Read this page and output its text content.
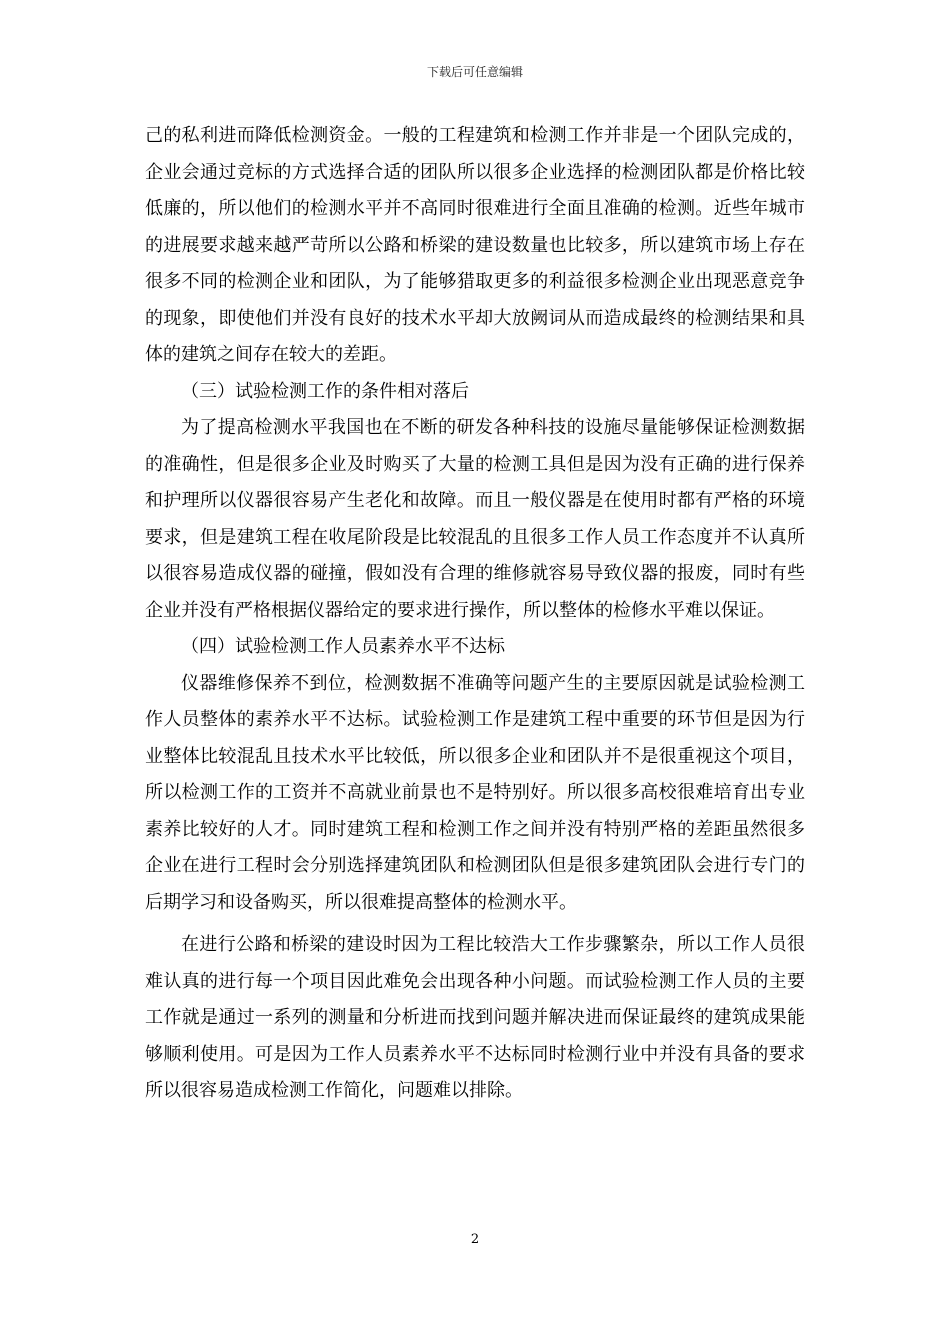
下载后可任意编辑

己的私利进而降低检测资金。一般的工程建筑和检测工作并非是一个团队完成的，企业会通过竞标的方式选择合适的团队所以很多企业选择的检测团队都是价格比较低廉的，所以他们的检测水平并不高同时很难进行全面且准确的检测。近些年城市的进展要求越来越严苛所以公路和桥梁的建设数量也比较多，所以建筑市场上存在很多不同的检测企业和团队，为了能够猎取更多的利益很多检测企业出现恶意竞争的现象，即使他们并没有良好的技术水平却大放阙词从而造成最终的检测结果和具体的建筑之间存在较大的差距。

（三）试验检测工作的条件相对落后

为了提高检测水平我国也在不断的研发各种科技的设施尽量能够保证检测数据的准确性，但是很多企业及时购买了大量的检测工具但是因为没有正确的进行保养和护理所以仪器很容易产生老化和故障。而且一般仪器是在使用时都有严格的环境要求，但是建筑工程在收尾阶段是比较混乱的且很多工作人员工作态度并不认真所以很容易造成仪器的碰撞，假如没有合理的维修就容易导致仪器的报废，同时有些企业并没有严格根据仪器给定的要求进行操作，所以整体的检修水平难以保证。

（四）试验检测工作人员素养水平不达标

仪器维修保养不到位，检测数据不准确等问题产生的主要原因就是试验检测工作人员整体的素养水平不达标。试验检测工作是建筑工程中重要的环节但是因为行业整体比较混乱且技术水平比较低，所以很多企业和团队并不是很重视这个项目，所以检测工作的工资并不高就业前景也不是特别好。所以很多高校很难培育出专业素养比较好的人才。同时建筑工程和检测工作之间并没有特别严格的差距虽然很多企业在进行工程时会分别选择建筑团队和检测团队但是很多建筑团队会进行专门的后期学习和设备购买，所以很难提高整体的检测水平。

在进行公路和桥梁的建设时因为工程比较浩大工作步骤繁杂，所以工作人员很难认真的进行每一个项目因此难免会出现各种小问题。而试验检测工作人员的主要工作就是通过一系列的测量和分析进而找到问题并解决进而保证最终的建筑成果能够顺利使用。可是因为工作人员素养水平不达标同时检测行业中并没有具备的要求所以很容易造成检测工作简化，问题难以排除。

2
